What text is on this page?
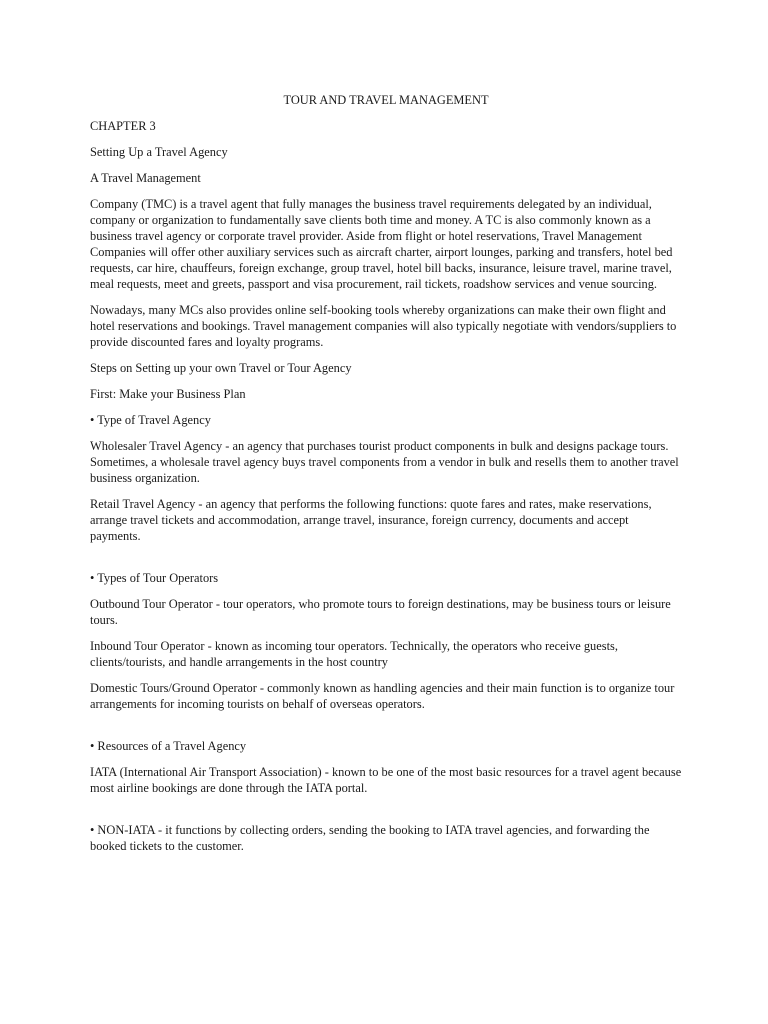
TOUR AND TRAVEL MANAGEMENT

CHAPTER 3

Setting Up a Travel Agency

A Travel Management

Company (TMC) is a travel agent that fully manages the business travel requirements delegated by an individual, company or organization to fundamentally save clients both time and money. A TC is also commonly known as a business travel agency or corporate travel provider. Aside from flight or hotel reservations, Travel Management Companies will offer other auxiliary services such as aircraft charter, airport lounges, parking and transfers, hotel bed requests, car hire, chauffeurs, foreign exchange, group travel, hotel bill backs, insurance, leisure travel, marine travel, meal requests, meet and greets, passport and visa procurement, rail tickets, roadshow services and venue sourcing.

Nowadays, many MCs also provides online self-booking tools whereby organizations can make their own flight and hotel reservations and bookings. Travel management companies will also typically negotiate with vendors/suppliers to provide discounted fares and loyalty programs.

Steps on Setting up your own Travel or Tour Agency

First: Make your Business Plan

• Type of Travel Agency

Wholesaler Travel Agency - an agency that purchases tourist product components in bulk and designs package tours. Sometimes, a wholesale travel agency buys travel components from a vendor in bulk and resells them to another travel business organization.

Retail Travel Agency - an agency that performs the following functions: quote fares and rates, make reservations, arrange travel tickets and accommodation, arrange travel, insurance, foreign currency, documents and accept payments.

• Types of Tour Operators

Outbound Tour Operator - tour operators, who promote tours to foreign destinations, may be business tours or leisure tours.

Inbound Tour Operator - known as incoming tour operators. Technically, the operators who receive guests, clients/tourists, and handle arrangements in the host country

Domestic Tours/Ground Operator - commonly known as handling agencies and their main function is to organize tour arrangements for incoming tourists on behalf of overseas operators.

• Resources of a Travel Agency

IATA (International Air Transport Association) - known to be one of the most basic resources for a travel agent because most airline bookings are done through the IATA portal.

• NON-IATA - it functions by collecting orders, sending the booking to IATA travel agencies, and forwarding the booked tickets to the customer.
